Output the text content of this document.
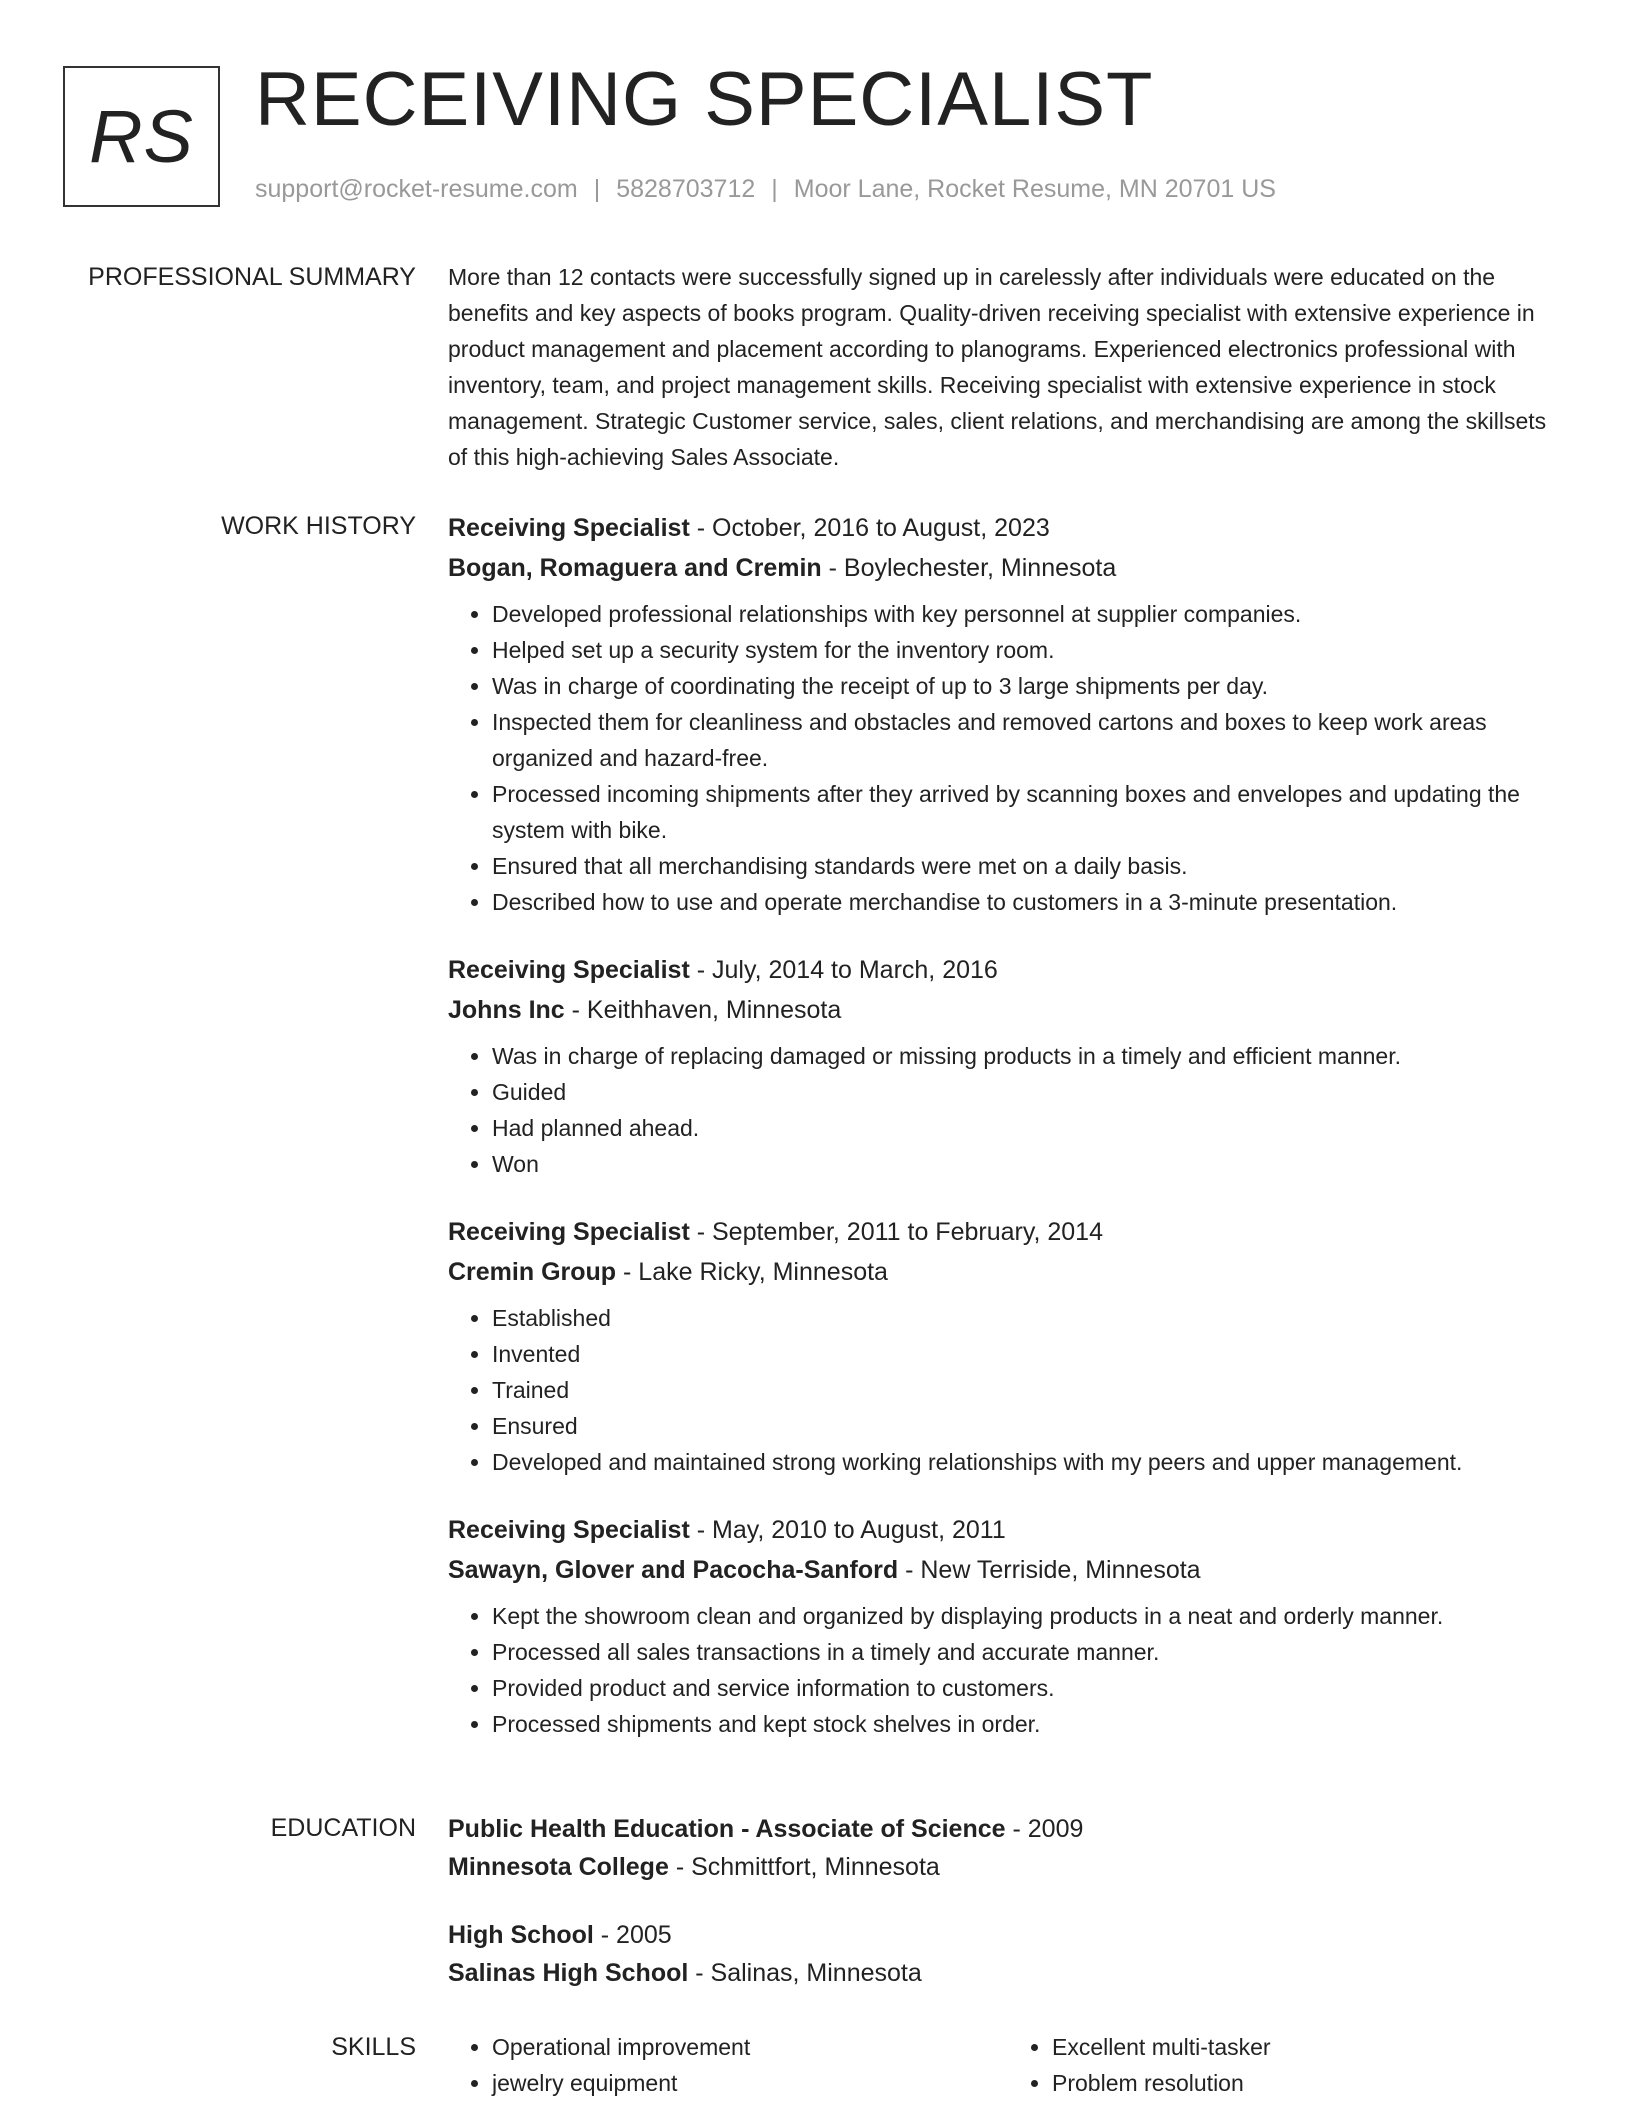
RS RECEIVING SPECIALIST
support@rocket-resume.com | 5828703712 | Moor Lane, Rocket Resume, MN 20701 US
PROFESSIONAL SUMMARY More than 12 contacts were successfully signed up in carelessly after individuals were educated on the benefits and key aspects of books program. Quality-driven receiving specialist with extensive experience in product management and placement according to planograms. Experienced electronics professional with inventory, team, and project management skills. Receiving specialist with extensive experience in stock management. Strategic Customer service, sales, client relations, and merchandising are among the skillsets of this high-achieving Sales Associate.

WORK HISTORY Receiving Specialist - October, 2016 to August, 2023
Bogan, Romaguera and Cremin - Boylechester, Minnesota
• Developed professional relationships with key personnel at supplier companies.
• Helped set up a security system for the inventory room.
• Was in charge of coordinating the receipt of up to 3 large shipments per day.
• Inspected them for cleanliness and obstacles and removed cartons and boxes to keep work areas organized and hazard-free.
• Processed incoming shipments after they arrived by scanning boxes and envelopes and updating the system with bike.
• Ensured that all merchandising standards were met on a daily basis.
• Described how to use and operate merchandise to customers in a 3-minute presentation.
Receiving Specialist - July, 2014 to March, 2016
Johns Inc - Keithhaven, Minnesota
• Was in charge of replacing damaged or missing products in a timely and efficient manner.
• Guided
• Had planned ahead.
• Won
Receiving Specialist - September, 2011 to February, 2014
Cremin Group - Lake Ricky, Minnesota
• Established
• Invented
• Trained
• Ensured
• Developed and maintained strong working relationships with my peers and upper management.
Receiving Specialist - May, 2010 to August, 2011
Sawayn, Glover and Pacocha-Sanford - New Terriside, Minnesota
• Kept the showroom clean and organized by displaying products in a neat and orderly manner.
• Processed all sales transactions in a timely and accurate manner.
• Provided product and service information to customers.
• Processed shipments and kept stock shelves in order.
EDUCATION Public Health Education - Associate of Science - 2009
Minnesota College - Schmittfort, Minnesota
High School - 2005
Salinas High School - Salinas, Minnesota
SKILLS
•	Operational improvement
• jewelry equipment
• Excellent multi-tasker
• Problem resolution
